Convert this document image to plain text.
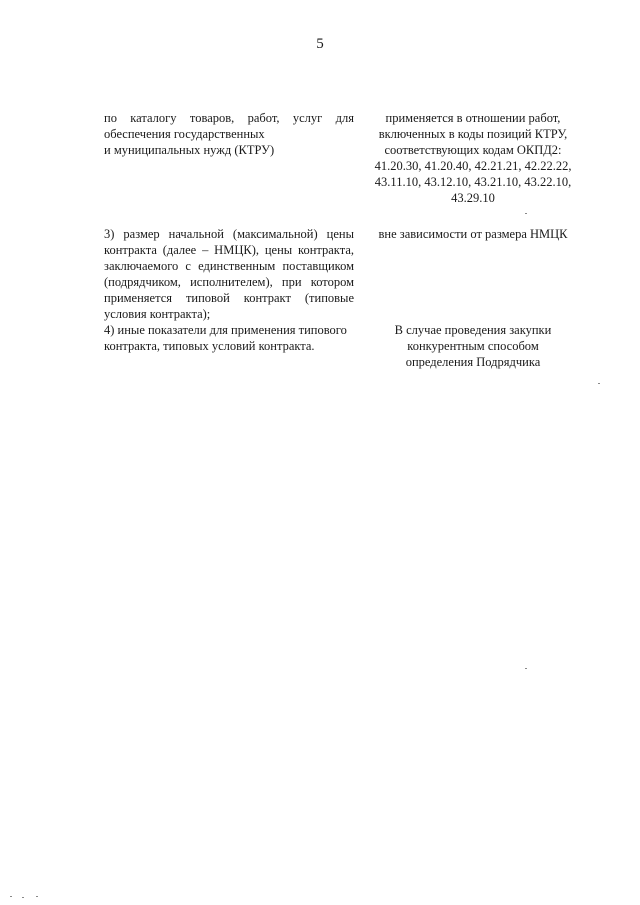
5
по каталогу товаров, работ, услуг для
обеспечения государственных
и муниципальных нужд (КТРУ)
применяется в отношении работ,
включенных в коды позиций КТРУ,
соответствующих кодам ОКПД2:
41.20.30, 41.20.40, 42.21.21, 42.22.22,
43.11.10, 43.12.10, 43.21.10, 43.22.10,
43.29.10
3) размер начальной (максимальной) цены
контракта (далее – НМЦК), цены контракта,
заключаемого с единственным поставщиком
(подрядчиком, исполнителем), при котором
применяется типовой контракт (типовые
условия контракта);
вне зависимости от размера НМЦК
4) иные показатели для применения типового
контракта, типовых условий контракта.
В случае проведения закупки
конкурентным способом
определения Подрядчика
